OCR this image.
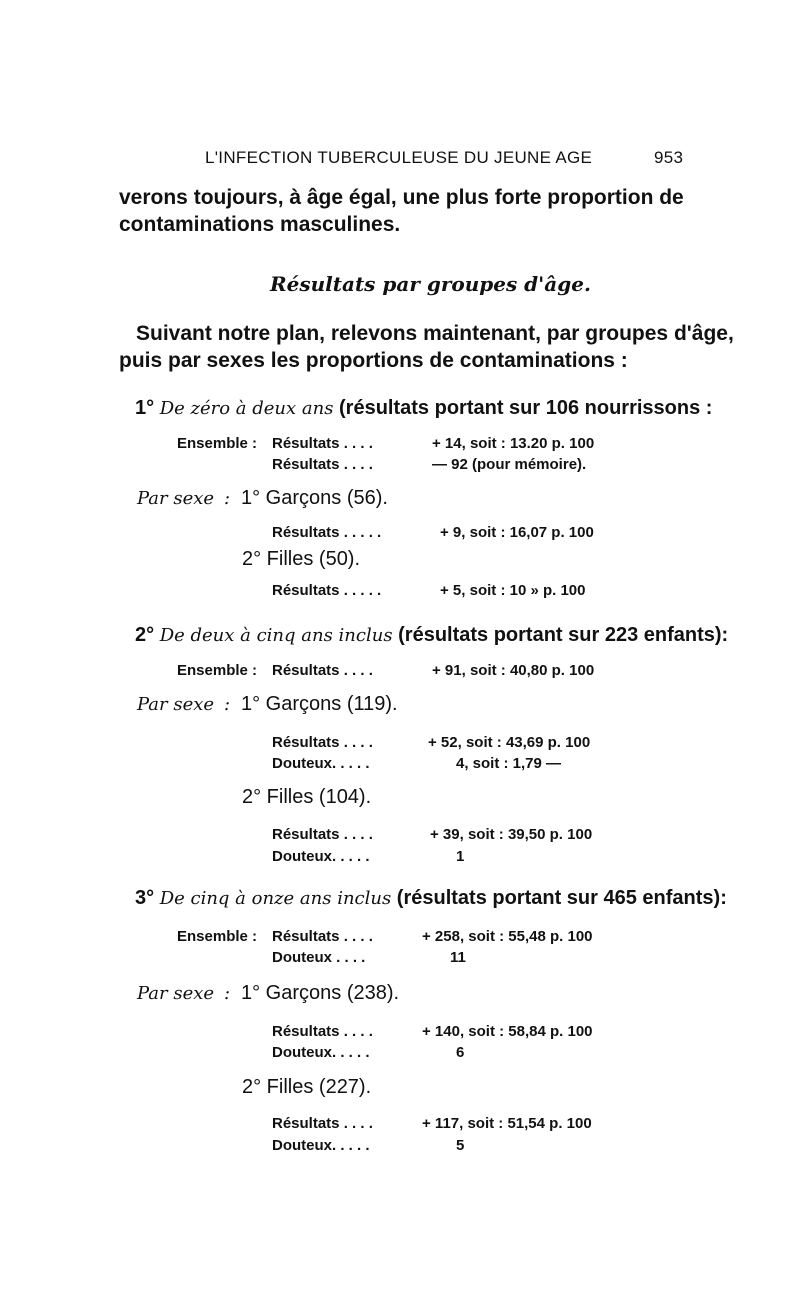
L'INFECTION TUBERCULEUSE DU JEUNE AGE	953
verons toujours, à âge égal, une plus forte proportion de
contaminations masculines.
Résultats par groupes d'âge.
Suivant notre plan, relevons maintenant, par groupes d'âge,
puis par sexes les proportions de contaminations :
1° De zéro à deux ans (résultats portant sur 106 nourrissons :
Ensemble : Résultats . . . .	+ 14, soit : 13.20 p. 100
Résultats . . . .	— 92 (pour mémoire).
Par sexe : 1° Garçons (56).
Résultats . . . . .	+ 9, soit : 16,07 p. 100
2° Filles (50).
Résultats . . . . .	+ 5, soit : 10 » p. 100
2° De deux à cinq ans inclus (résultats portant sur 223 enfants):
Ensemble : Résultats . . . .	+ 91, soit : 40,80 p. 100
Par sexe : 1° Garçons (119).
Résultats . . . .	+ 52, soit : 43,69 p. 100
Douteux. . . . .	4, soit : 1,79 —
2° Filles (104).
Résultats . . . .	+ 39, soit : 39,50 p. 100
Douteux. . . . .	1
3° De cinq à onze ans inclus (résultats portant sur 465 enfants):
Ensemble : Résultats . . . .	+ 258, soit : 55,48 p. 100
Douteux . . . .	11
Par sexe : 1° Garçons (238).
Résultats . . . .	+ 140, soit : 58,84 p. 100
Douteux. . . . .	6
2° Filles (227).
Résultats . . . .	+ 117, soit : 51,54 p. 100
Douteux. . . . .	5
